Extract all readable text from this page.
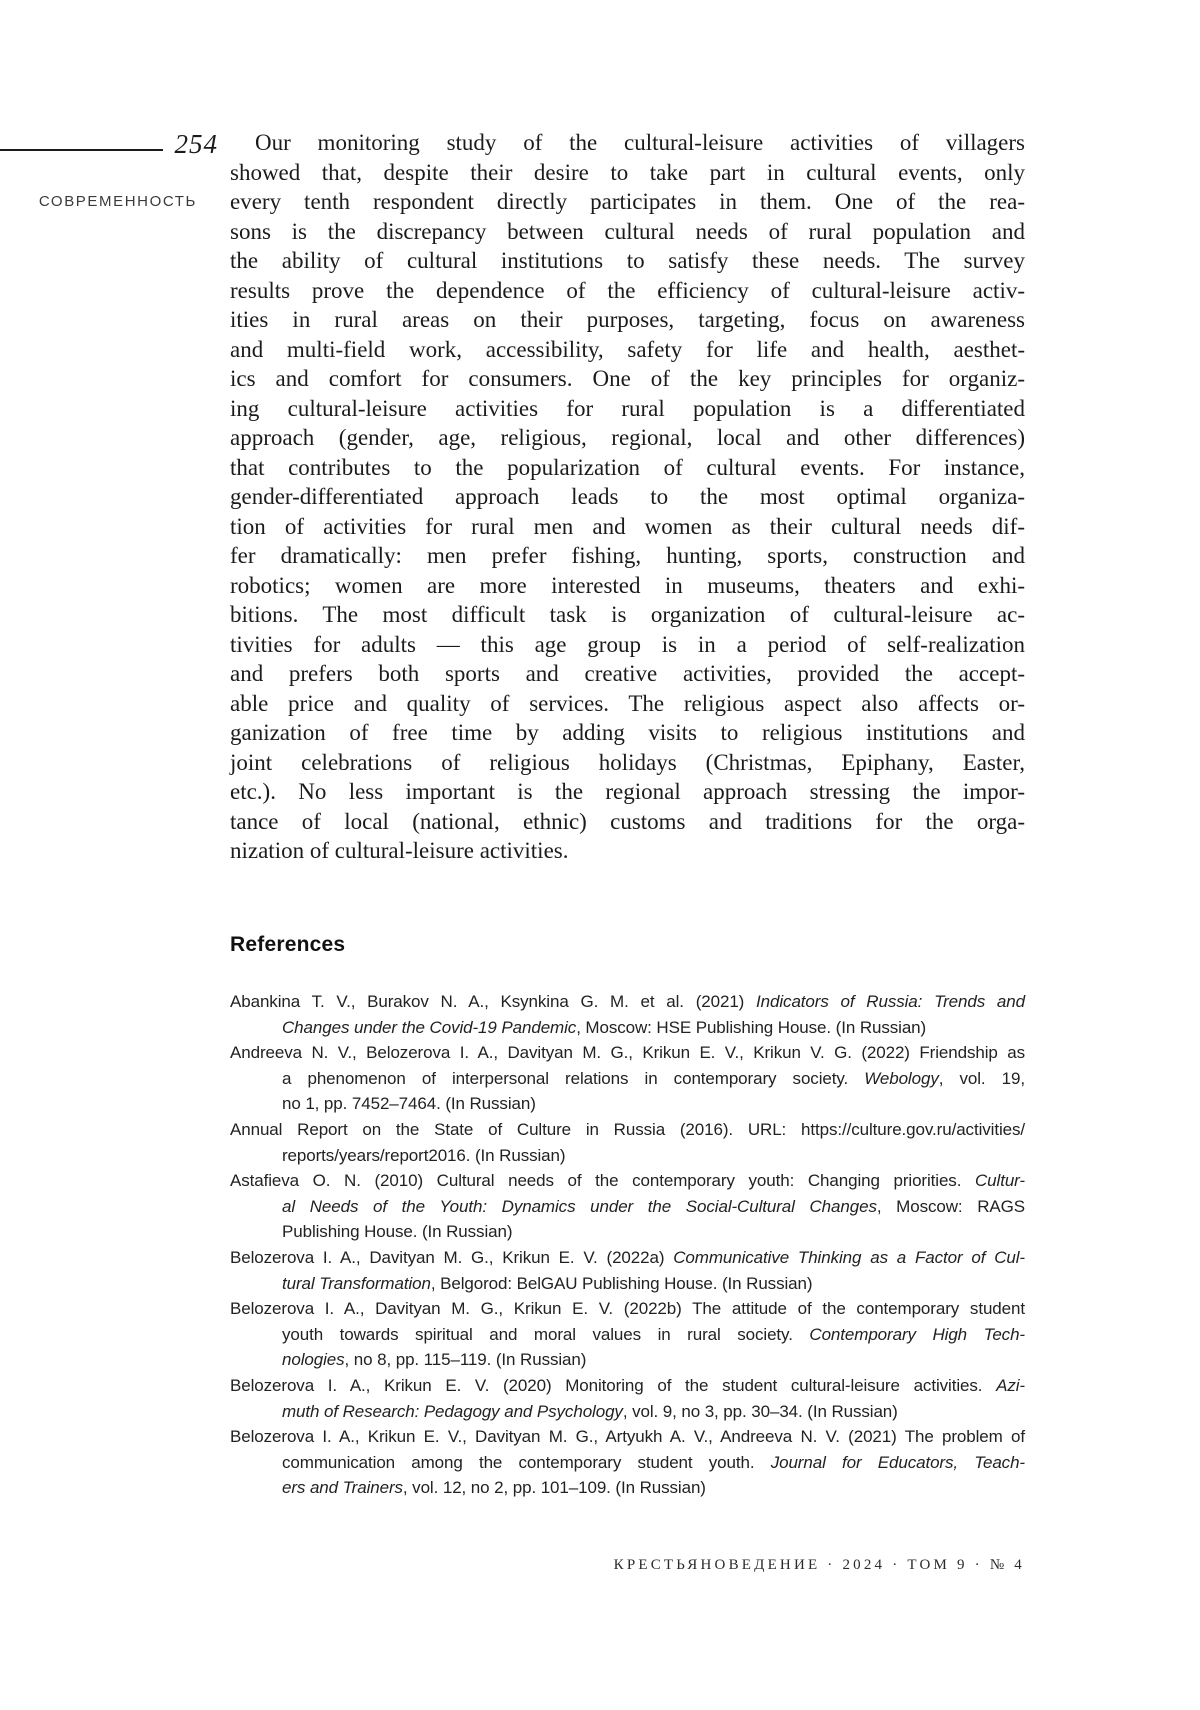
254
СОВРЕМЕННОСТЬ
Our monitoring study of the cultural-leisure activities of villagers
showed that, despite their desire to take part in cultural events, only
every tenth respondent directly participates in them. One of the rea-
sons is the discrepancy between cultural needs of rural population and
the ability of cultural institutions to satisfy these needs. The survey
results prove the dependence of the efficiency of cultural-leisure activ-
ities in rural areas on their purposes, targeting, focus on awareness
and multi-field work, accessibility, safety for life and health, aesthet-
ics and comfort for consumers. One of the key principles for organiz-
ing cultural-leisure activities for rural population is a differentiated
approach (gender, age, religious, regional, local and other differences)
that contributes to the popularization of cultural events. For instance,
gender-differentiated approach leads to the most optimal organiza-
tion of activities for rural men and women as their cultural needs dif-
fer dramatically: men prefer fishing, hunting, sports, construction and
robotics; women are more interested in museums, theaters and exhi-
bitions. The most difficult task is organization of cultural-leisure ac-
tivities for adults — this age group is in a period of self-realization
and prefers both sports and creative activities, provided the accept-
able price and quality of services. The religious aspect also affects or-
ganization of free time by adding visits to religious institutions and
joint celebrations of religious holidays (Christmas, Epiphany, Easter,
etc.). No less important is the regional approach stressing the impor-
tance of local (national, ethnic) customs and traditions for the orga-
nization of cultural-leisure activities.
References
Abankina T. V., Burakov N. A., Ksynkina G. M. et al. (2021) Indicators of Russia: Trends and
Changes under the Covid-19 Pandemic, Moscow: HSE Publishing House. (In Russian)
Andreeva N. V., Belozerova I. A., Davityan M. G., Krikun E. V., Krikun V. G. (2022) Friendship as
a phenomenon of interpersonal relations in contemporary society. Webology, vol. 19,
no 1, pp. 7452–7464. (In Russian)
Annual Report on the State of Culture in Russia (2016). URL: https://culture.gov.ru/activities/
reports/years/report2016. (In Russian)
Astafieva O. N. (2010) Cultural needs of the contemporary youth: Changing priorities. Cultur-
al Needs of the Youth: Dynamics under the Social-Cultural Changes, Moscow: RAGS
Publishing House. (In Russian)
Belozerova I. A., Davityan M. G., Krikun E. V. (2022a) Communicative Thinking as a Factor of Cul-
tural Transformation, Belgorod: BelGAU Publishing House. (In Russian)
Belozerova I. A., Davityan M. G., Krikun E. V. (2022b) The attitude of the contemporary student
youth towards spiritual and moral values in rural society. Contemporary High Tech-
nologies, no 8, pp. 115–119. (In Russian)
Belozerova I. A., Krikun E. V. (2020) Monitoring of the student cultural-leisure activities. Azi-
muth of Research: Pedagogy and Psychology, vol. 9, no 3, pp. 30–34. (In Russian)
Belozerova I. A., Krikun E. V., Davityan M. G., Artyukh A. V., Andreeva N. V. (2021) The problem of
communication among the contemporary student youth. Journal for Educators, Teach-
ers and Trainers, vol. 12, no 2, pp. 101–109. (In Russian)
КРЕСТЬЯНОВЕДЕНИЕ · 2024 · ТОМ 9 · № 4
